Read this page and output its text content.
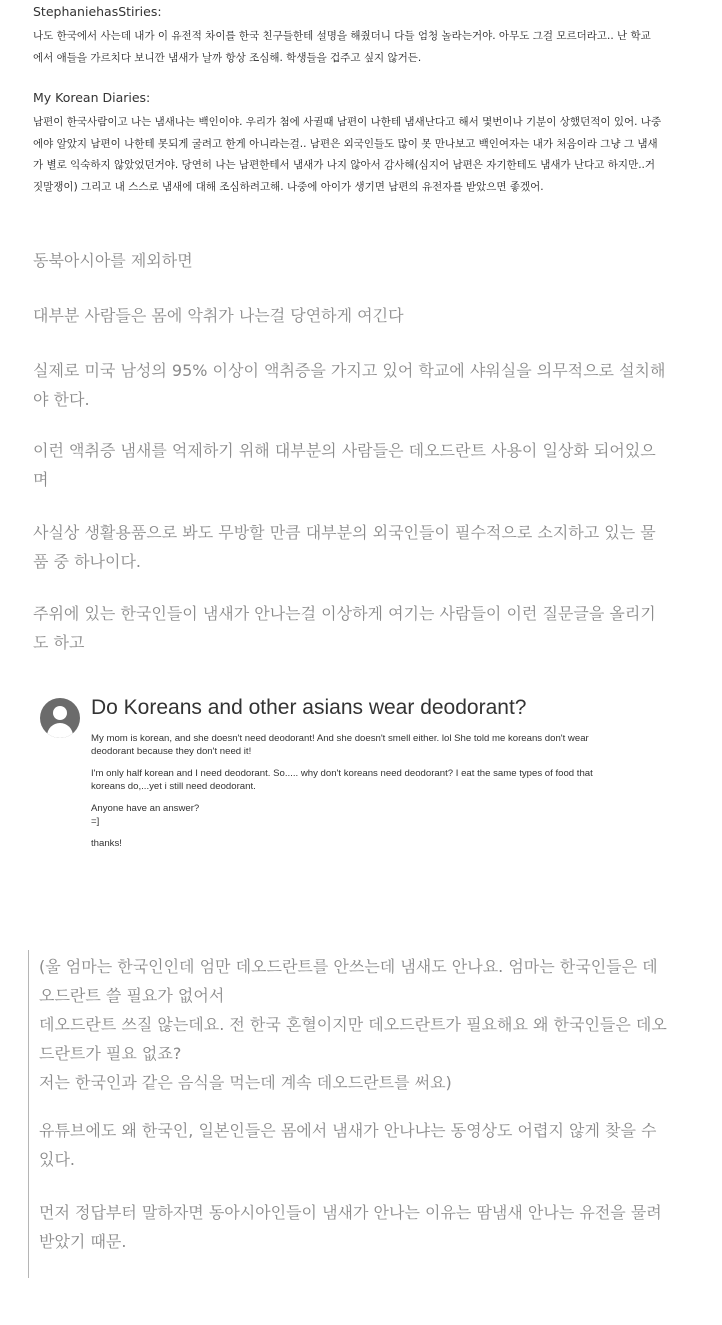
StephaniehasStiries:
나도 한국에서 사는데 내가 이 유전적 차이를 한국 친구들한테 설명을 해줬더니 다들 엄청 놀라는거야. 아무도 그걸 모르더라고.. 난 학교
에서 애들을 가르치다 보니깐 냄새가 날까 항상 조심해. 학생들을 겁주고 싶지 않거든.
My Korean Diaries:
남편이 한국사람이고 나는 냄새나는 백인이야. 우리가 첨에 사귈때 남편이 나한테 냄새난다고 해서 몇번이나 기분이 상했던적이 있어. 나중
에야 알았지 남편이 나한테 못되게 굴려고 한게 아니라는걸.. 남편은 외국인들도 많이 못 만나보고 백인여자는 내가 처음이라 그냥 그 냄새
가 별로 익숙하지 않았었던거야. 당연히 나는 남편한테서 냄새가 나지 않아서 감사해(심지어 남편은 자기한테도 냄새가 난다고 하지만..거
짓말쟁이) 그리고 내 스스로 냄새에 대해 조심하려고해. 나중에 아이가 생기면 남편의 유전자를 받았으면 좋겠어.
동북아시아를 제외하면
대부분 사람들은 몸에 악취가 나는걸 당연하게 여긴다
실제로 미국 남성의 95% 이상이 액취증을 가지고 있어 학교에 샤워실을 의무적으로 설치해
야 한다.
이런 액취증 냄새를 억제하기 위해 대부분의 사람들은 데오드란트 사용이 일상화 되어있으
며
사실상 생활용품으로 봐도 무방할 만큼 대부분의 외국인들이 필수적으로 소지하고 있는 물
품 중 하나이다.
주위에 있는 한국인들이 냄새가 안나는걸 이상하게 여기는 사람들이 이런 질문글을 올리기
도 하고
Do Koreans and other asians wear deodorant?

My mom is korean, and she doesn't need deodorant! And she doesn't smell either. lol She told me koreans don't wear
deodorant because they don't need it!

I'm only half korean and I need deodorant. So..... why don't koreans need deodorant? I eat the same types of food that
koreans do,...yet i still need deodorant.

Anyone have an answer?
=]

thanks!

(울 엄마는 한국인인데 엄만 데오드란트를 안쓰는데 냄새도 안나요. 엄마는 한국인들은 데
오드란트 쓸 필요가 없어서
데오드란트 쓰질 않는데요. 전 한국 혼혈이지만 데오드란트가 필요해요 왜 한국인들은 데오
드란트가 필요 없죠?
저는 한국인과 같은 음식을 먹는데 계속 데오드란트를 써요)
유튜브에도 왜 한국인, 일본인들은 몸에서 냄새가 안나냐는 동영상도 어렵지 않게 찾을 수
있다.
먼저 정답부터 말하자면 동아시아인들이 냄새가 안나는 이유는 땀냄새 안나는 유전을 물려
받았기 때문.
